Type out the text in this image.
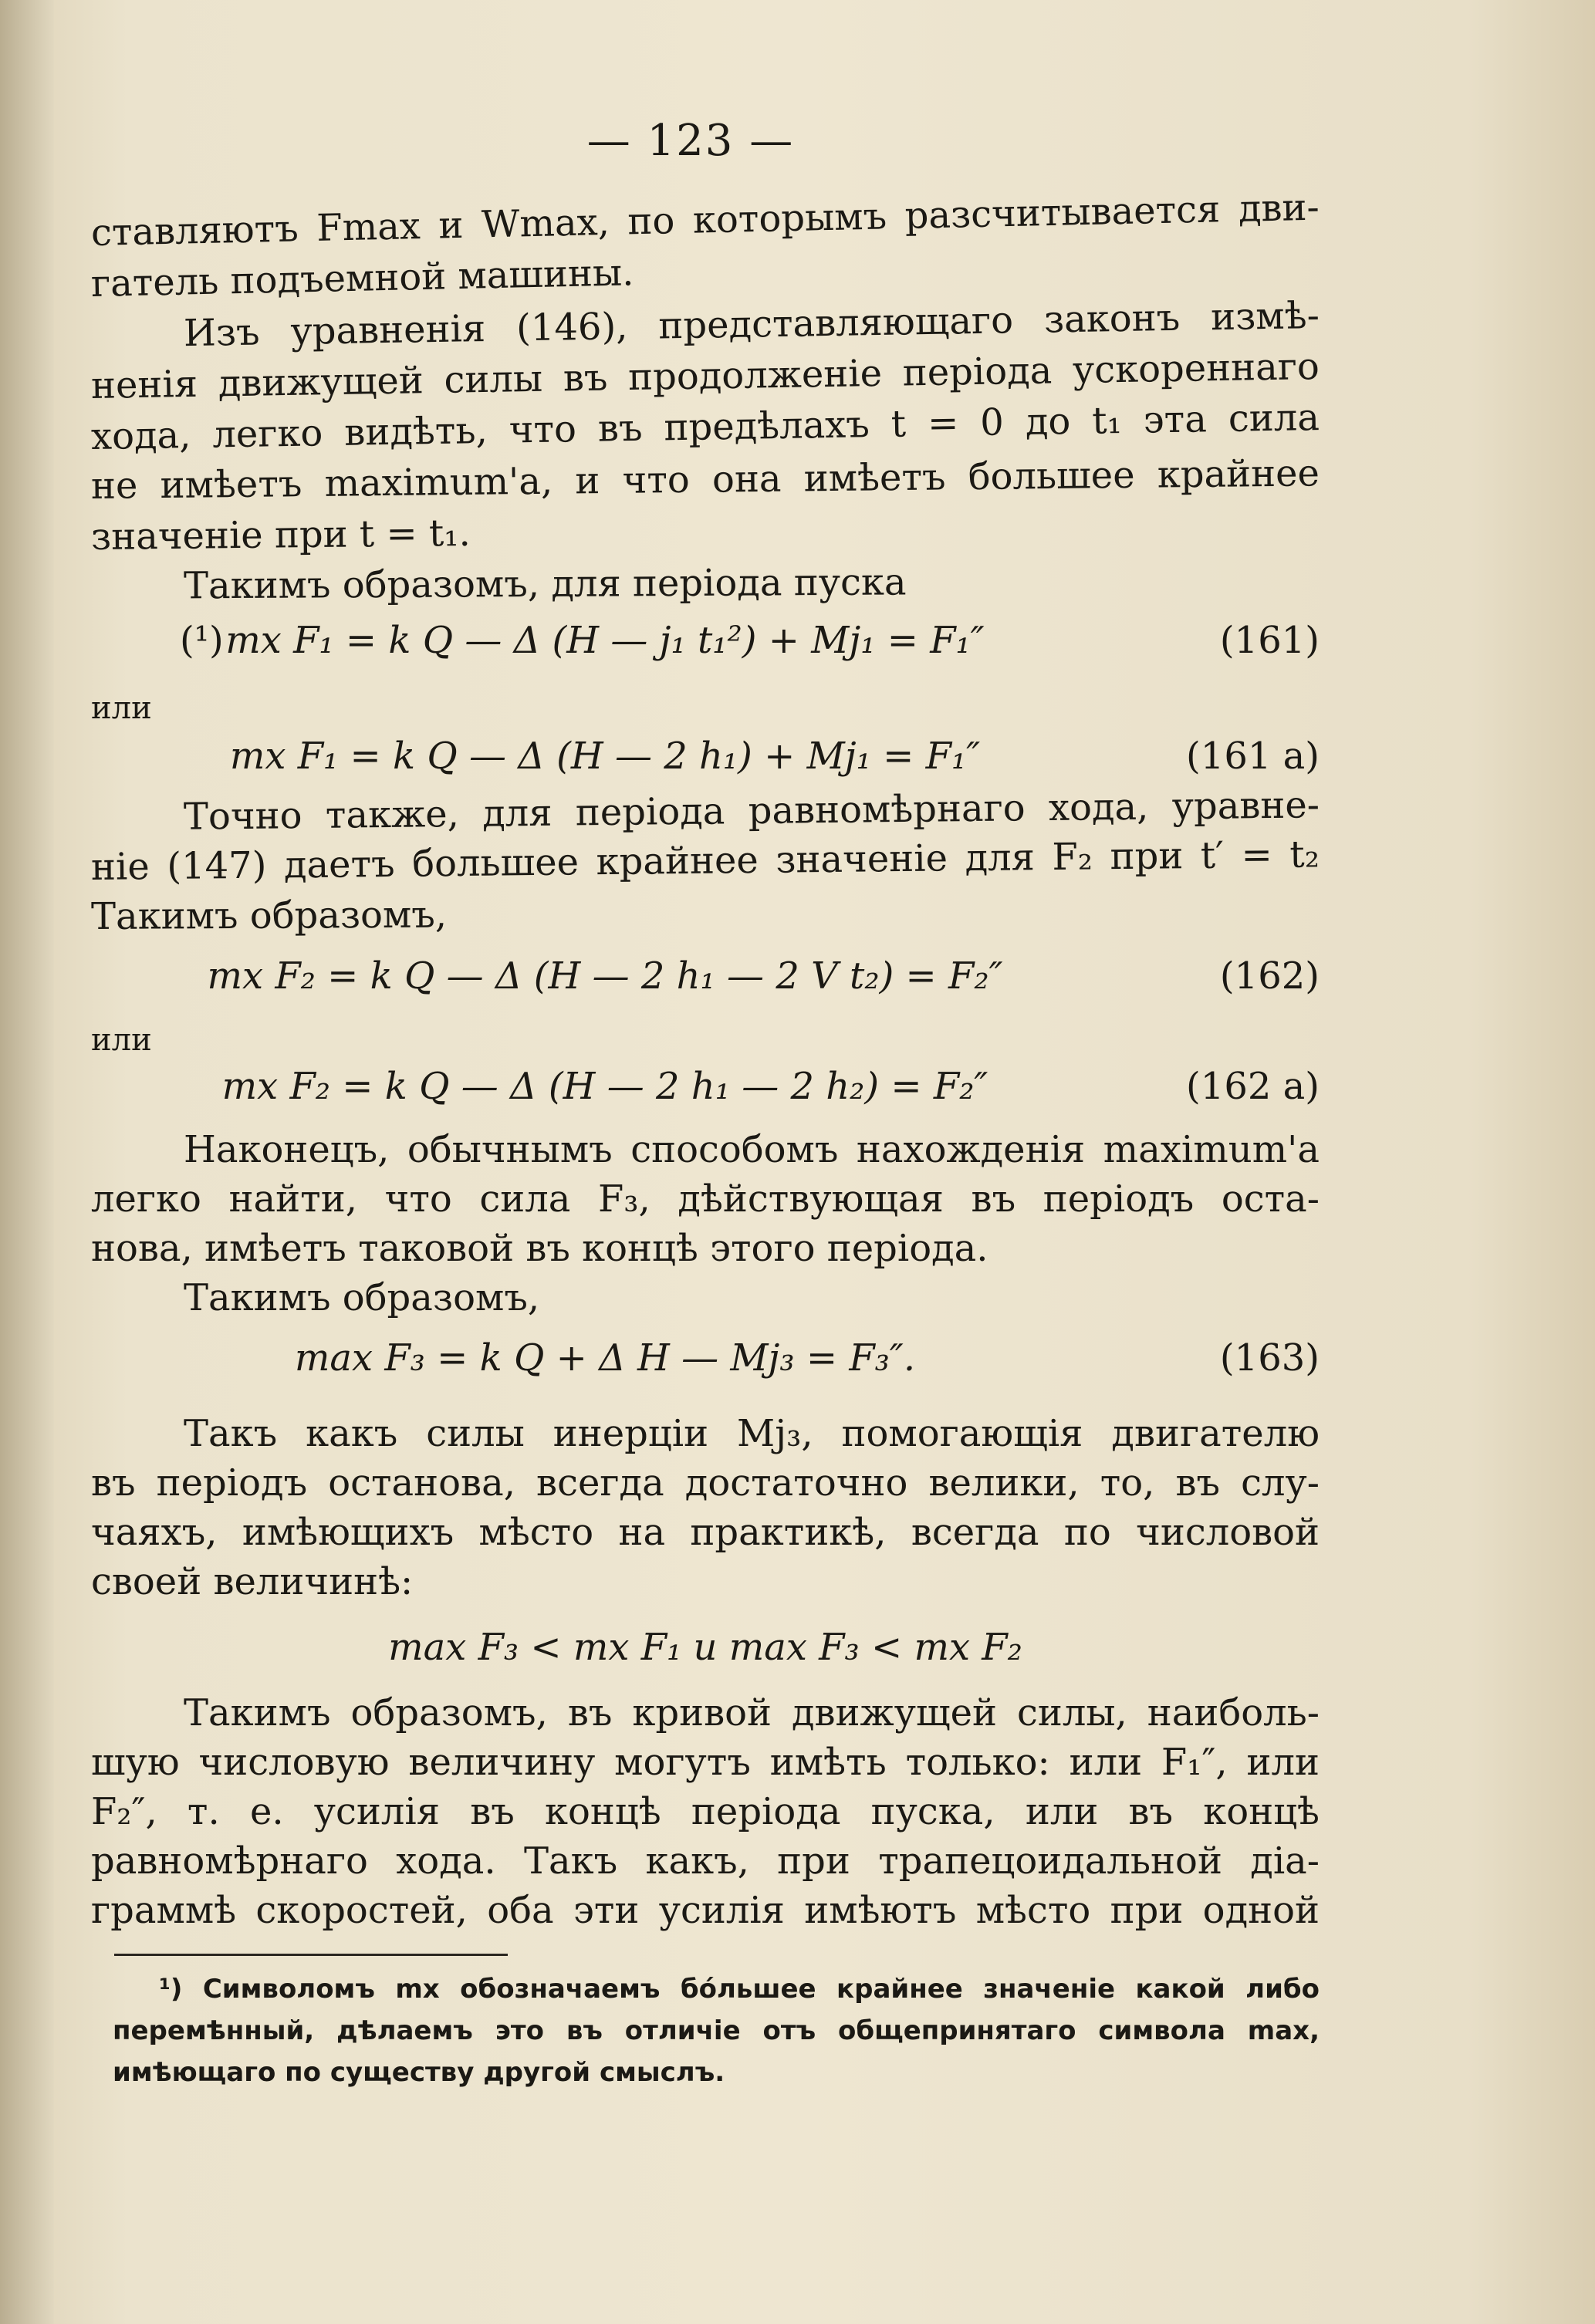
— 123 —
ставляютъ Fmax и Wmax, по которымъ разсчитывается дви-
гатель подъемной машины.
Изъ уравненія (146), представляющаго законъ измѣ-
ненія движущей силы въ продолженіе періода ускореннаго
хода, легко видѣть, что въ предѣлахъ t = 0 до t₁ эта сила
не имѣетъ maximum'a, и что она имѣетъ большее крайнее
значеніе при t = t₁.
Такимъ образомъ, для періода пуска
(¹) mx F₁ = k Q — Δ (H — j₁ t₁²) + Mj₁ = F₁″	(161)
или
mx F₁ = k Q — Δ (H — 2 h₁) + Mj₁ = F₁″	(161 a)
Точно также, для періода равномѣрнаго хода, уравне-
ніе (147) даетъ большее крайнее значеніе для F₂ при t′ = t₂
Такимъ образомъ,
mx F₂ = k Q — Δ (H — 2 h₁ — 2 V t₂) = F₂″	(162)
или
mx F₂ = k Q — Δ (H — 2 h₁ — 2 h₂) = F₂″	(162 a)
Наконецъ, обычнымъ способомъ нахожденія maximum'a
легко найти, что сила F₃, дѣйствующая въ періодъ оста-
нова, имѣетъ таковой въ концѣ этого періода.
Такимъ образомъ,
max F₃ = k Q + Δ H — Mj₃ = F₃″.	(163)
Такъ какъ силы инерціи Mj₃, помогающія двигателю
въ періодъ останова, всегда достаточно велики, то, въ слу-
чаяхъ, имѣющихъ мѣсто на практикѣ, всегда по числовой
своей величинѣ:
max F₃ < mx F₁ и max F₃ < mx F₂
Такимъ образомъ, въ кривой движущей силы, наиболь-
шую числовую величину могутъ имѣть только: или F₁″, или
F₂″, т. е. усилія въ концѣ періода пуска, или въ концѣ
равномѣрнаго хода. Такъ какъ, при трапецоидальной діа-
граммѣ скоростей, оба эти усилія имѣютъ мѣсто при одной
¹) Символомъ mx обозначаемъ бóльшее крайнее значеніе какой либо
перемѣнный, дѣлаемъ это въ отличіе отъ общепринятаго символа max,
имѣющаго по существу другой смыслъ.
